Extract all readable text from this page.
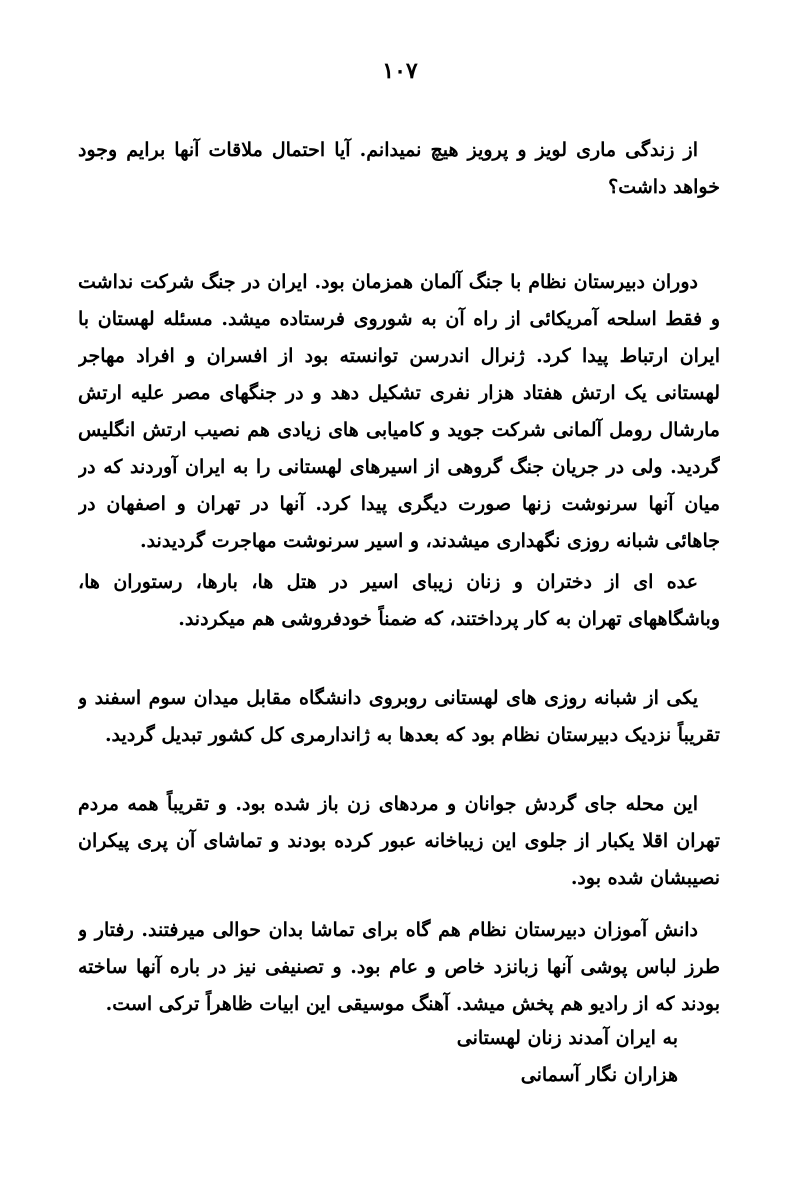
۱۰۷
از زندگی ماری لویز و پرویز هیچ نمیدانم. آیا احتمال ملاقات آنها برایم وجود
خواهد داشت؟
دوران دبیرستان نظام با جنگ آلمان همزمان بود. ایران در جنگ شرکت نداشت
و فقط اسلحه آمریکائی از راه آن به شوروی فرستاده میشد. مسئله لهستان با
ایران ارتباط پیدا کرد. ژنرال اندرسن توانسته بود از افسران و افراد مهاجر
لهستانی یک ارتش هفتاد هزار نفری تشکیل دهد و در جنگهای مصر علیه ارتش
مارشال رومل آلمانی شرکت جوید و کامیابی های زیادی هم نصیب ارتش انگلیس
گردید. ولی در جریان جنگ گروهی از اسیرهای لهستانی را به ایران آوردند که در
میان آنها سرنوشت زنها صورت دیگری پیدا کرد. آنها در تهران و اصفهان در
جاهائی شبانه روزی نگهداری میشدند، و اسیر سرنوشت مهاجرت گردیدند.
عده ای از دختران و زنان زیبای اسیر در هتل ها، بارها، رستوران ها،
وباشگاههای تهران به کار پرداختند، که ضمناً خودفروشی هم میکردند.
یکی از شبانه روزی های لهستانی روبروی دانشگاه مقابل میدان سوم اسفند و
تقریباً نزدیک دبیرستان نظام بود که بعدها به ژاندارمری کل کشور تبدیل گردید.
این محله جای گردش جوانان و مردهای زن باز شده بود. و تقریباً همه مردم
تهران اقلا یکبار از جلوی این زیباخانه عبور کرده بودند و تماشای آن پری پیکران
نصیبشان شده بود.
دانش آموزان دبیرستان نظام هم گاه برای تماشا بدان حوالی میرفتند. رفتار و
طرز لباس پوشی آنها زبانزد خاص و عام بود. و تصنیفی نیز در باره آنها ساخته
بودند که از رادیو هم پخش میشد. آهنگ موسیقی این ابیات ظاهراً ترکی است.
به ایران آمدند زنان لهستانی
هزاران نگار آسمانی
